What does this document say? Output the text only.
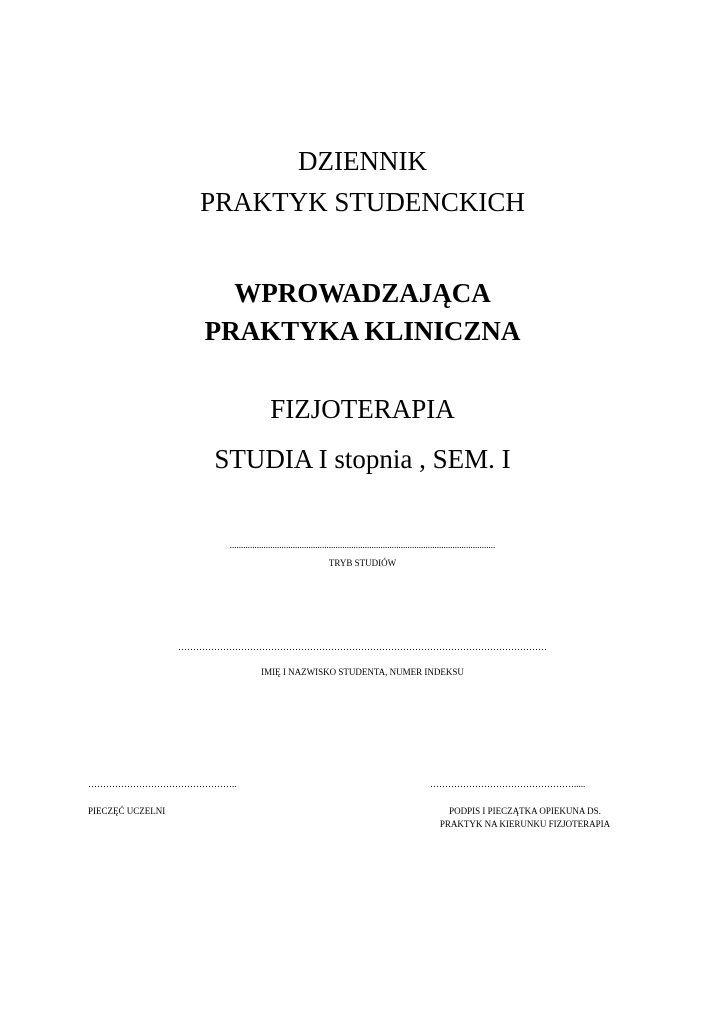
DZIENNIK
PRAKTYK STUDENCKICH
WPROWADZAJĄCA
PRAKTYKA KLINICZNA
FIZJOTERAPIA
STUDIA I stopnia , SEM. I
......................................................................................................................
TRYB STUDIÓW
……………………………………………………………………………………………………………
IMIĘ I NAZWISKO STUDENTA, NUMER INDEKSU
…………………………………………..
PIECZĘĆ UCZELNI
………………………………………….....
PODPIS I PIECZĄTKA OPIEKUNA DS.
PRAKTYK NA KIERUNKU FIZJOTERAPIA
